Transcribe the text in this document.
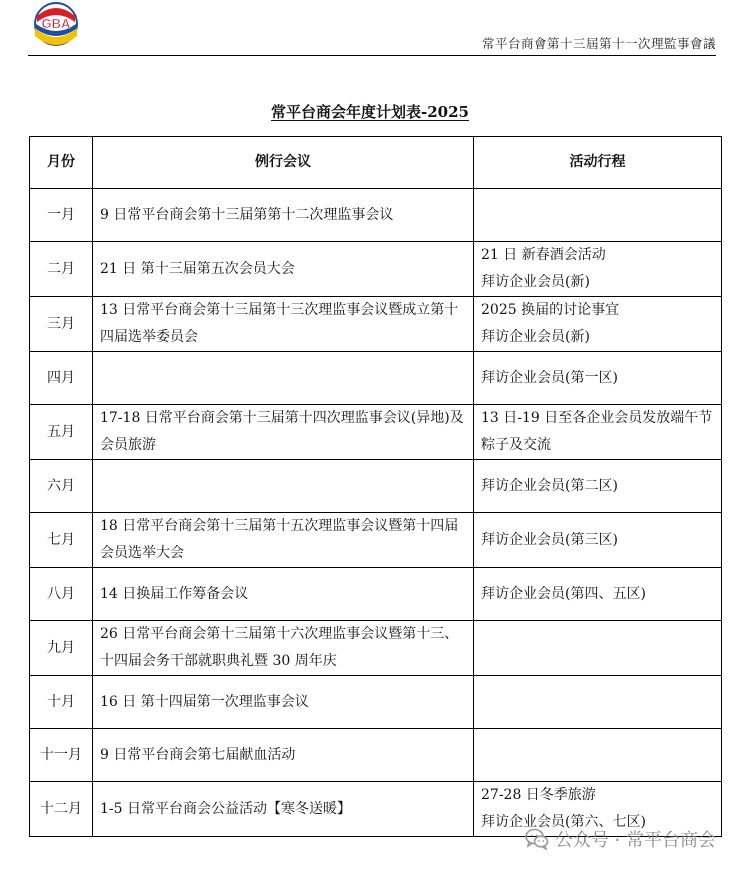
GBA
常平台商會第十三屆第十一次理監事會議
常平台商会年度计划表-2025
月份	例行会议	活动行程
一月	9 日常平台商会第十三届第第十二次理监事会议	
二月	21 日 第十三届第五次会员大会	21 日 新春酒会活动
拜访企业会员(新)
三月	13 日常平台商会第十三届第十三次理监事会议暨成立第十四届选举委员会	2025 换届的讨论事宜
拜访企业会员(新)
四月		拜访企业会员(第一区)
五月	17-18 日常平台商会第十三届第十四次理监事会议(异地)及会员旅游	13 日-19 日至各企业会员发放端午节粽子及交流
六月		拜访企业会员(第二区)
七月	18 日常平台商会第十三届第十五次理监事会议暨第十四届会员选举大会	拜访企业会员(第三区)
八月	14 日换届工作筹备会议	拜访企业会员(第四、五区)
九月	26 日常平台商会第十三届第十六次理监事会议暨第十三、十四届会务干部就职典礼暨 30 周年庆	
十月	16 日 第十四届第一次理监事会议	
十一月	9 日常平台商会第七届献血活动	
十二月	1-5 日常平台商会公益活动【寒冬送暖】	27-28 日冬季旅游
拜访企业会员(第六、七区)
公众号 · 常平台商会
